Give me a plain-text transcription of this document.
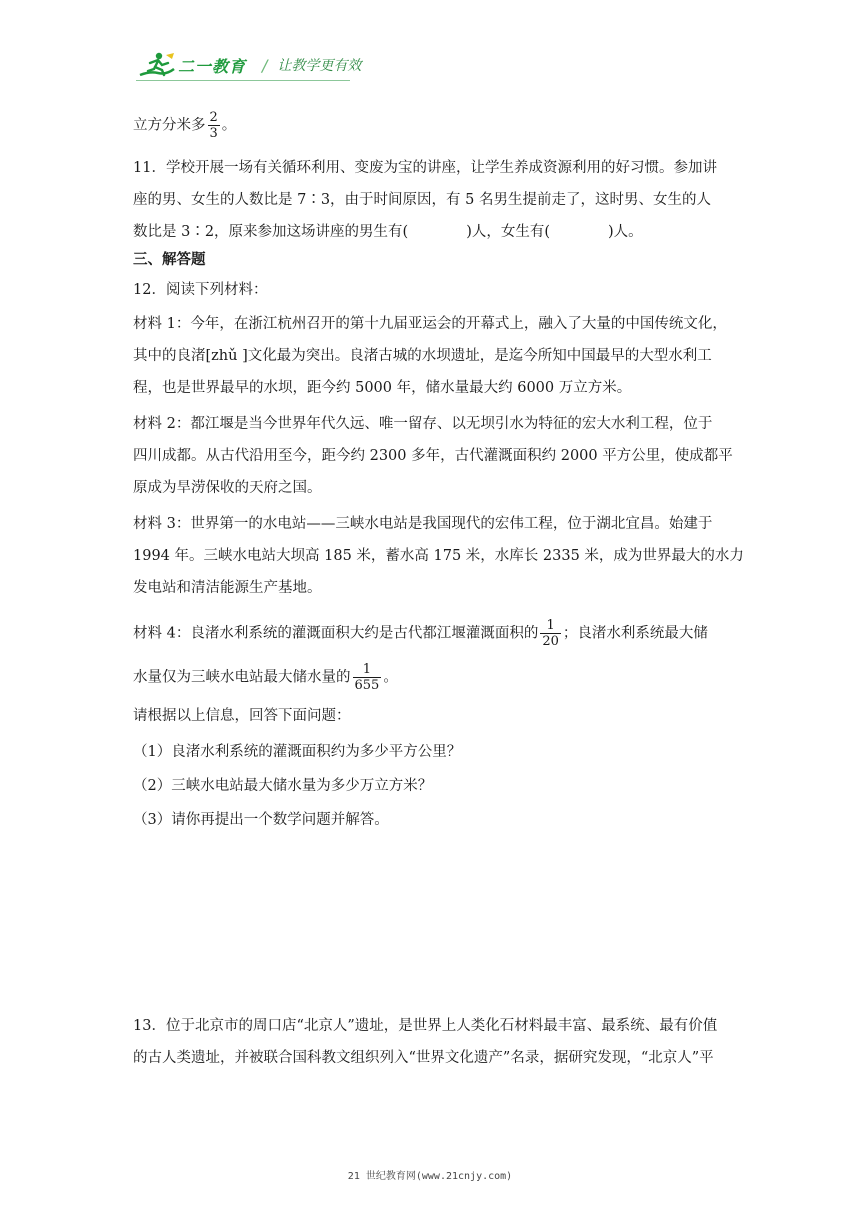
二一教育 / 让教学更有效
立方分米多 $\frac{2}{3}$ 。
11．学校开展一场有关循环利用、变废为宝的讲座，让学生养成资源利用的好习惯。参加讲
座的男、女生的人数比是 7∶3，由于时间原因，有 5 名男生提前走了，这时男、女生的人
数比是 3∶2，原来参加这场讲座的男生有(　　　　)人，女生有(　　　　)人。
三、解答题
12．阅读下列材料：
材料 1：今年，在浙江杭州召开的第十九届亚运会的开幕式上，融入了大量的中国传统文化，
其中的良渚[zhǔ ]文化最为突出。良渚古城的水坝遗址，是迄今所知中国最早的大型水利工
程，也是世界最早的水坝，距今约 5000 年，储水量最大约 6000 万立方米。
材料 2：都江堰是当今世界年代久远、唯一留存、以无坝引水为特征的宏大水利工程，位于
四川成都。从古代沿用至今，距今约 2300 多年，古代灌溉面积约 2000 平方公里，使成都平
原成为旱涝保收的天府之国。
材料 3：世界第一的水电站——三峡水电站是我国现代的宏伟工程，位于湖北宜昌。始建于
1994 年。三峡水电站大坝高 185 米，蓄水高 175 米，水库长 2335 米，成为世界最大的水力
发电站和清洁能源生产基地。
材料 4：良渚水利系统的灌溉面积大约是古代都江堰灌溉面积的 $\frac{1}{20}$ ；良渚水利系统最大储
水量仅为三峡水电站最大储水量的 $\frac{1}{655}$ 。
请根据以上信息，回答下面问题：
（1）良渚水利系统的灌溉面积约为多少平方公里？
（2）三峡水电站最大储水量为多少万立方米？
（3）请你再提出一个数学问题并解答。
13．位于北京市的周口店“北京人”遗址，是世界上人类化石材料最丰富、最系统、最有价值
的古人类遗址，并被联合国科教文组织列入“世界文化遗产”名录，据研究发现，“北京人”平
21 世纪教育网(www.21cnjy.com)
